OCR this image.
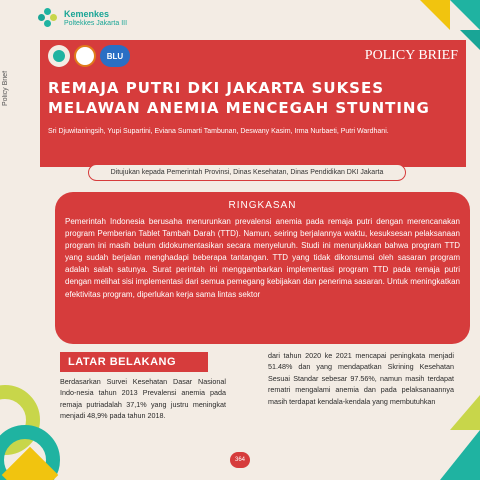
Kemenkes
Poltekkes Jakarta III
Policy Brief
BLU	POLICY BRIEF
REMAJA PUTRI DKI JAKARTA SUKSES MELAWAN ANEMIA MENCEGAH STUNTING
Sri Djuwitaningsih, Yupi Supartini, Eviana Sumarti Tambunan, Deswany Kasim, Irma Nurbaeti, Putri Wardhani.
Ditujukan kepada Pemerintah Provinsi, Dinas Kesehatan, Dinas Pendidikan DKI Jakarta
RINGKASAN
Pemerintah Indonesia berusaha menurunkan prevalensi anemia pada remaja putri dengan merencanakan program Pemberian Tablet Tambah Darah (TTD). Namun, seiring berjalannya waktu, kesuksesan pelaksanaan program ini masih belum didokumentasikan secara menyeluruh. Studi ini menunjukkan bahwa program TTD yang sudah berjalan menghadapi beberapa tantangan. TTD yang tidak dikonsumsi oleh sasaran program adalah salah satunya. Surat perintah ini menggambarkan implementasi program TTD pada remaja putri dengan melihat sisi implementasi dari semua pemegang kebijakan dan penerima sasaran. Untuk meningkatkan efektivitas program, diperlukan kerja sama lintas sektor
LATAR BELAKANG
Berdasarkan Survei Kesehatan Dasar Nasional Indo-nesia tahun 2013 Prevalensi anemia pada remaja putriadalah 37,1% yang justru meningkat menjadi 48,9% pada tahun 2018.
dari tahun 2020 ke 2021 mencapai peningkata menjadi 51.48% dan yang mendapatkan Skrining Kesehatan Sesuai Standar sebesar 97.56%, namun masih terdapat rematri mengalami anemia dan pada pelaksanaannya masih terdapat kendala-kendala yang membutuhkan
364
